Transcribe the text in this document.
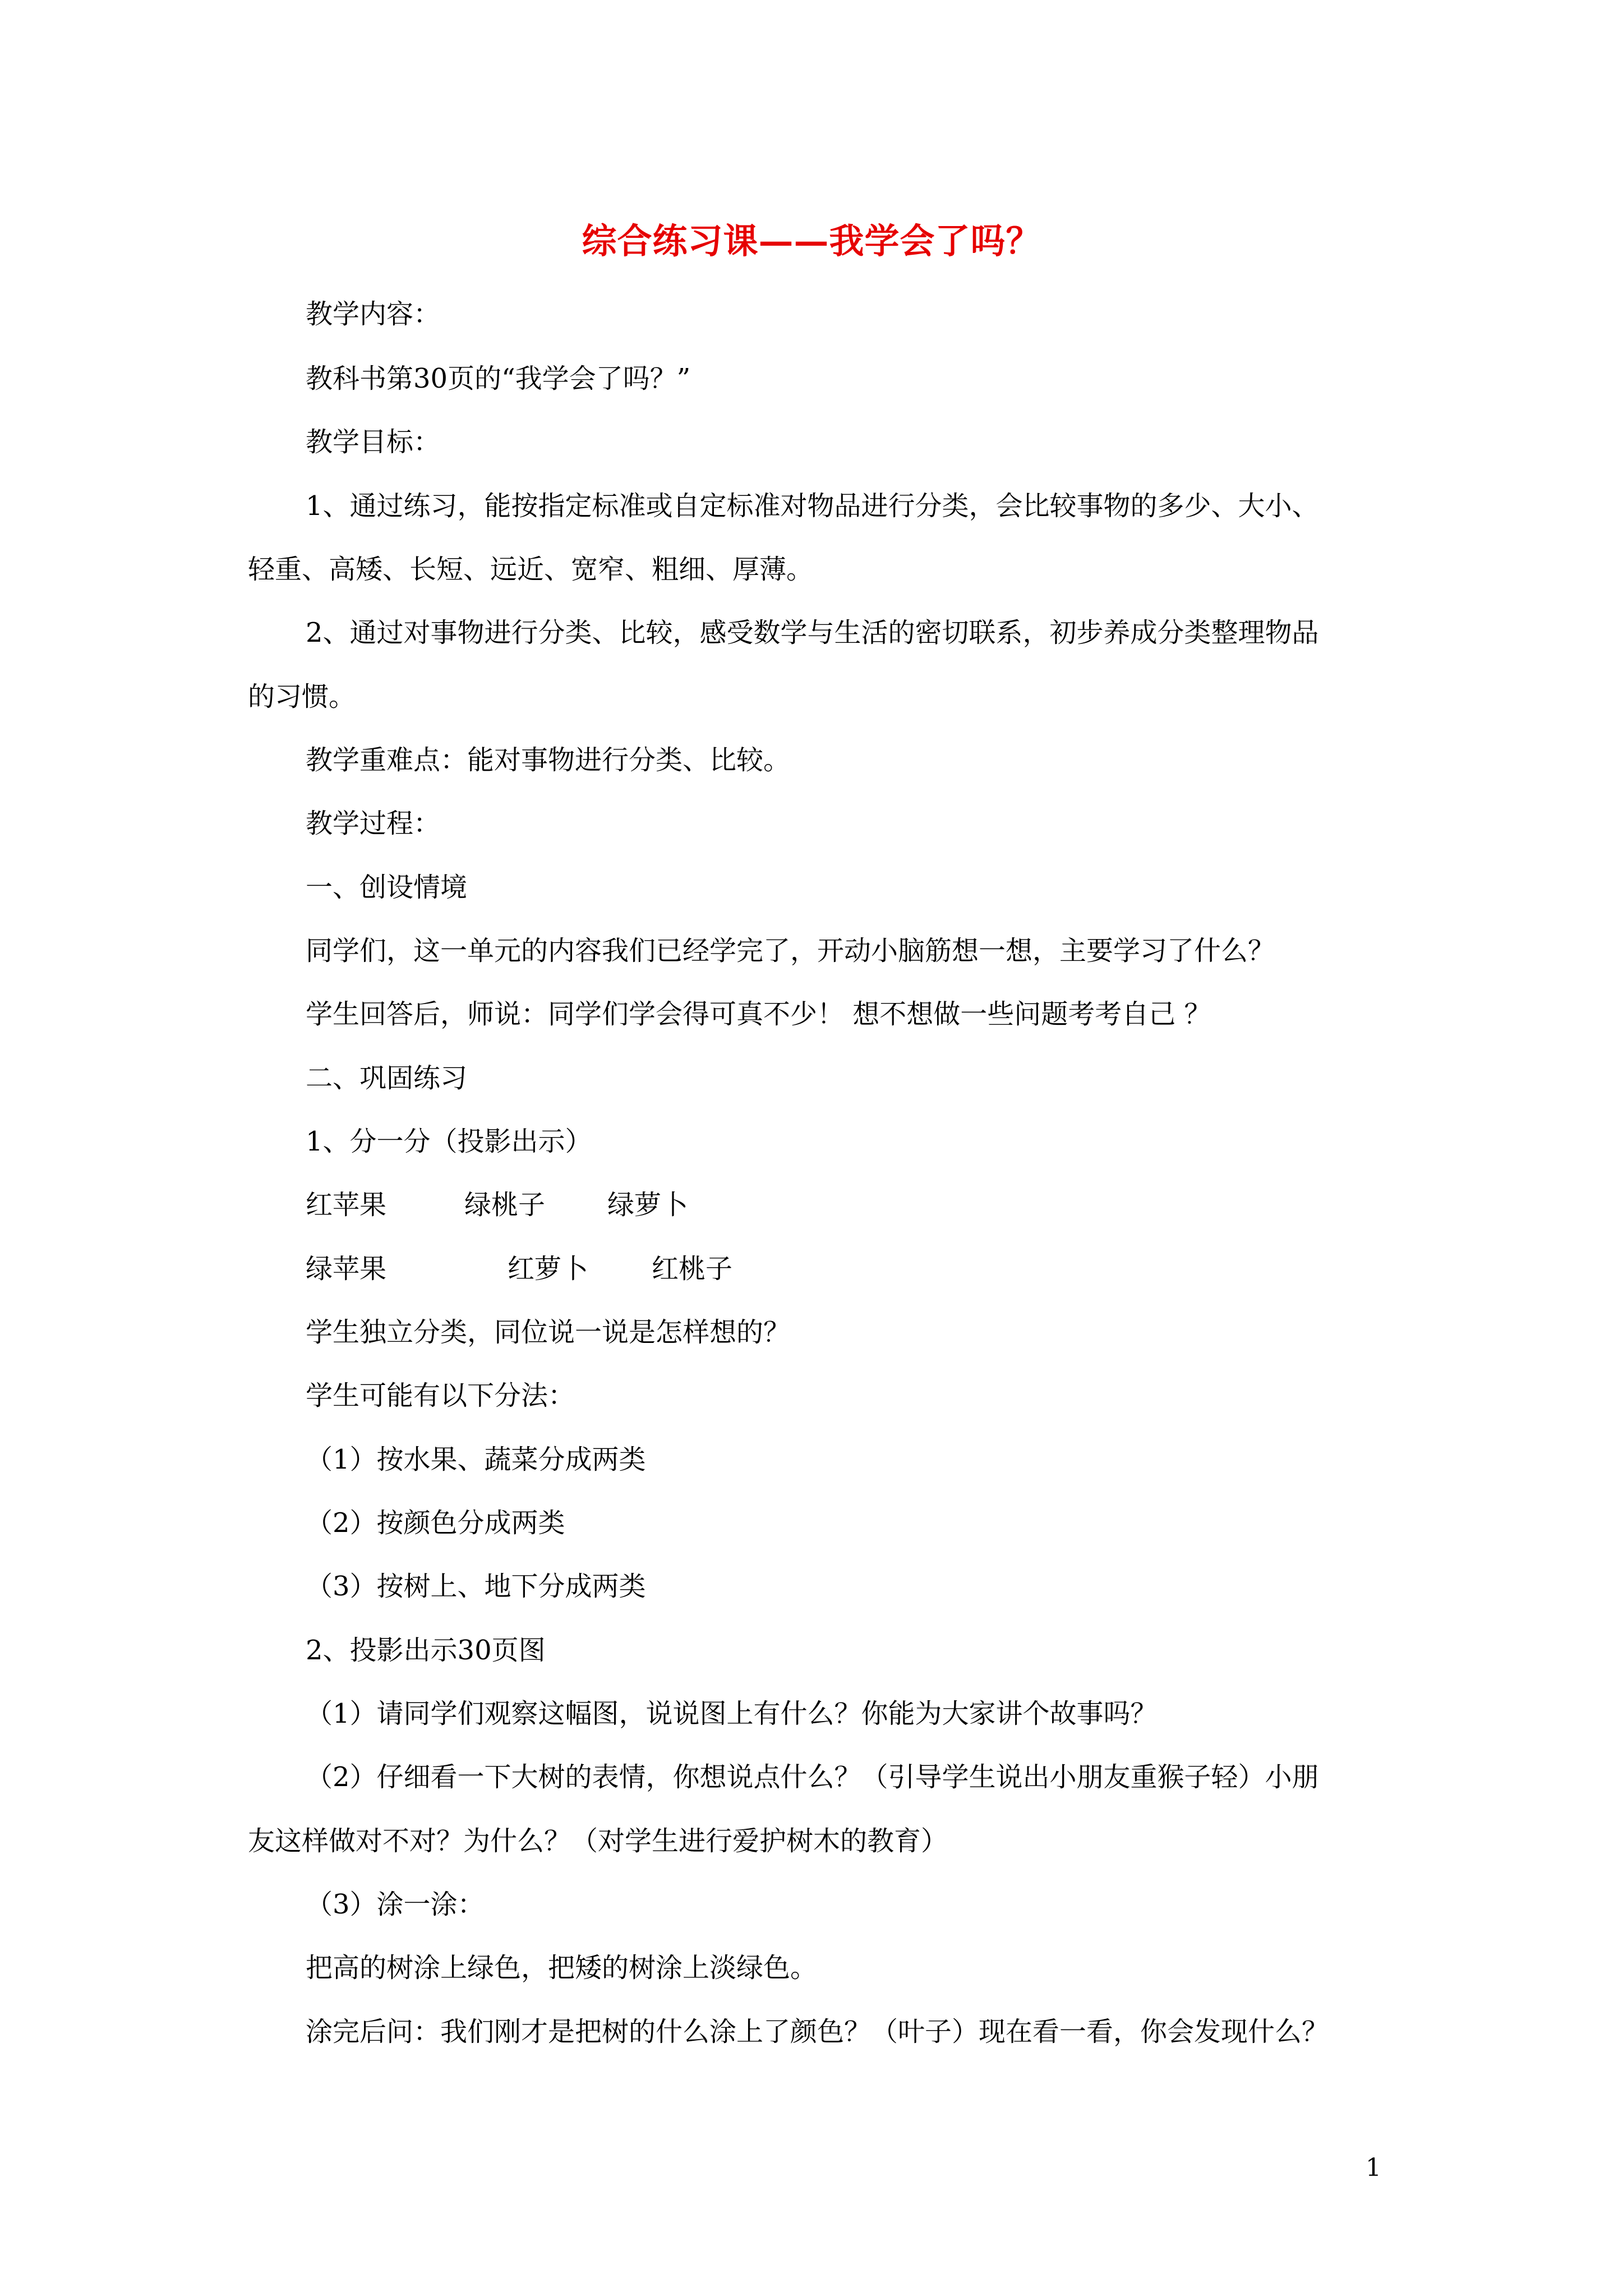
综合练习课——我学会了吗？
教学内容：
教科书第30页的“我学会了吗？”
教学目标：
1、通过练习，能按指定标准或自定标准对物品进行分类，会比较事物的多少、大小、
轻重、高矮、长短、远近、宽窄、粗细、厚薄。
2、通过对事物进行分类、比较，感受数学与生活的密切联系，初步养成分类整理物品
的习惯。
教学重难点：能对事物进行分类、比较。
教学过程：
一、创设情境
同学们，这一单元的内容我们已经学完了，开动小脑筋想一想，主要学习了什么？
学生回答后，师说：同学们学会得可真不少！ 想不想做一些问题考考自己 ？
二、巩固练习
1、分一分（投影出示）
红苹果	绿桃子 绿萝卜
绿苹果	红萝卜 红桃子
学生独立分类，同位说一说是怎样想的？
学生可能有以下分法：
（1）按水果、蔬菜分成两类
（2）按颜色分成两类
（3）按树上、地下分成两类
2、投影出示30页图
（1）请同学们观察这幅图，说说图上有什么？你能为大家讲个故事吗？
（2）仔细看一下大树的表情，你想说点什么？（引导学生说出小朋友重猴子轻）小朋
友这样做对不对？为什么？（对学生进行爱护树木的教育）
（3）涂一涂：
把高的树涂上绿色，把矮的树涂上淡绿色。
涂完后问：我们刚才是把树的什么涂上了颜色？（叶子）现在看一看，你会发现什么？
1
